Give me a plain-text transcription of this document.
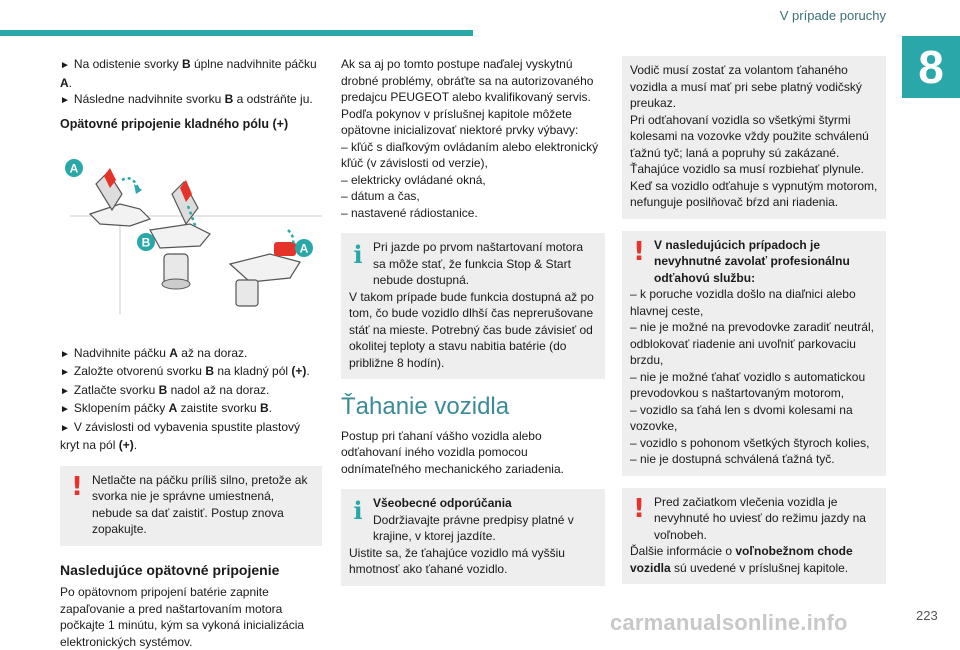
V prípade poruchy
8
► Na odistenie svorky B úplne nadvihnite páčku A.
► Následne nadvihnite svorku B a odstráňte ju.
Opätovné pripojenie kladného pólu (+)
A
B	A
► Nadvihnite páčku A až na doraz.
► Založte otvorenú svorku B na kladný pól (+).
► Zatlačte svorku B nadol až na doraz.
► Sklopením páčky A zaistite svorku B.
► V závislosti od vybavenia spustite plastový kryt na pól (+).
! Netlačte na páčku príliš silno, pretože ak svorka nie je správne umiestnená, nebude sa dať zaistiť. Postup znova zopakujte.
Nasledujúce opätovné pripojenie
Po opätovnom pripojení batérie zapnite zapaľovanie a pred naštartovaním motora počkajte 1 minútu, kým sa vykoná inicializácia elektronických systémov.
Ak sa aj po tomto postupe naďalej vyskytnú drobné problémy, obráťte sa na autorizovaného predajcu PEUGEOT alebo kvalifikovaný servis.
Podľa pokynov v príslušnej kapitole môžete opätovne inicializovať niektoré prvky výbavy:
– kľúč s diaľkovým ovládaním alebo elektronický kľúč (v závislosti od verzie),
– elektricky ovládané okná,
– dátum a čas,
– nastavené rádiostanice.
i Pri jazde po prvom naštartovaní motora sa môže stať, že funkcia Stop & Start nebude dostupná.
V takom prípade bude funkcia dostupná až po tom, čo bude vozidlo dlhší čas neprerušovane stáť na mieste. Potrebný čas bude závisieť od okolitej teploty a stavu nabitia batérie (do približne 8 hodín).
Ťahanie vozidla
Postup pri ťahaní vášho vozidla alebo odťahovaní iného vozidla pomocou odnímateľného mechanického zariadenia.
i Všeobecné odporúčania
Dodržiavajte právne predpisy platné v krajine, v ktorej jazdíte.
Uistite sa, že ťahajúce vozidlo má vyššiu hmotnosť ako ťahané vozidlo.
Vodič musí zostať za volantom ťahaného vozidla a musí mať pri sebe platný vodičský preukaz.
Pri odťahovaní vozidla so všetkými štyrmi kolesami na vozovke vždy použite schválenú ťažnú tyč; laná a popruhy sú zakázané.
Ťahajúce vozidlo sa musí rozbiehať plynule.
Keď sa vozidlo odťahuje s vypnutým motorom, nefunguje posilňovač bŕzd ani riadenia.
! V nasledujúcich prípadoch je nevyhnutné zavolať profesionálnu odťahovú službu:
– k poruche vozidla došlo na diaľnici alebo hlavnej ceste,
– nie je možné na prevodovke zaradiť neutrál, odblokovať riadenie ani uvoľniť parkovaciu brzdu,
– nie je možné ťahať vozidlo s automatickou prevodovkou s naštartovaným motorom,
– vozidlo sa ťahá len s dvomi kolesami na vozovke,
– vozidlo s pohonom všetkých štyroch kolies,
– nie je dostupná schválená ťažná tyč.
! Pred začiatkom vlečenia vozidla je nevyhnuté ho uviesť do režimu jazdy na voľnobeh.
Ďalšie informácie o voľnobežnom chode vozidla sú uvedené v príslušnej kapitole.
carmanualsonline.info	223
